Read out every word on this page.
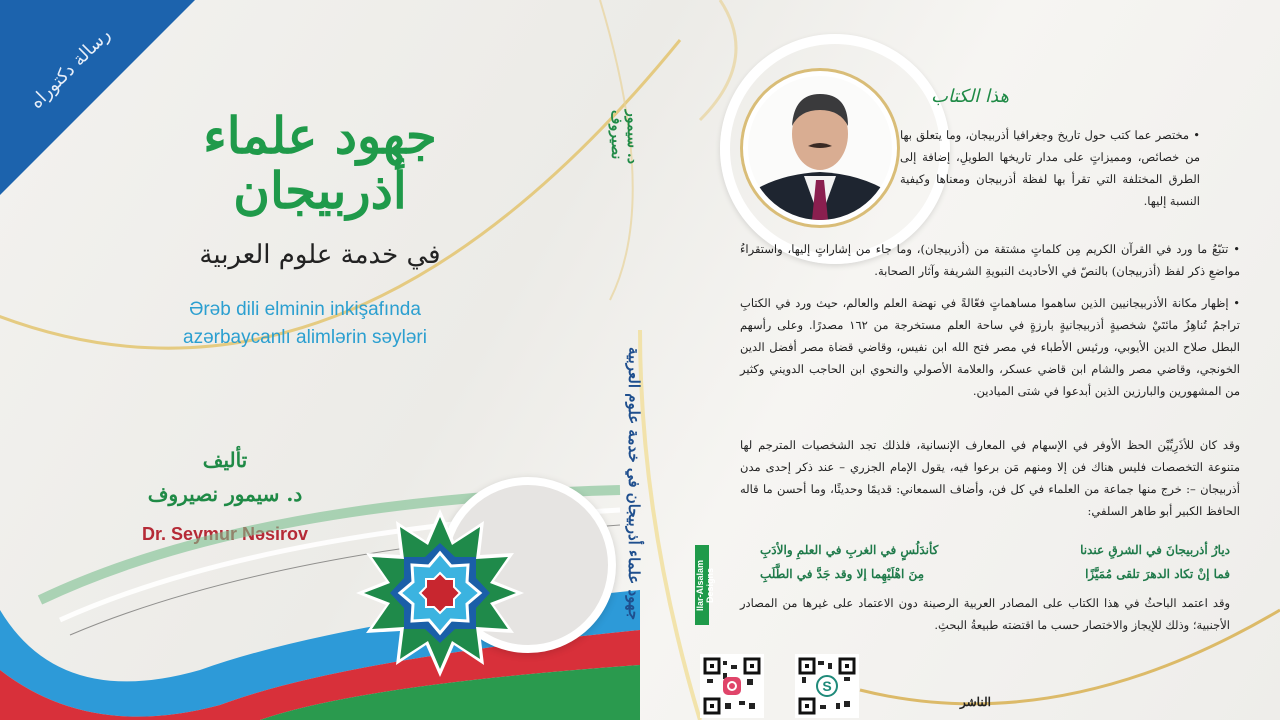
رسالة دكتوراه
جهود علماء أذربيجان
في خدمة علوم العربية
Ərəb dili elminin inkişafında
azərbaycanlı alimlərin səyləri
تأليف
د. سيمور نصيروف
Dr. Seymur Nəsirov
د. سيمور نصيروف
جهود علماء أذربيجان في خدمة علوم العربية	Ilar-Alsalam Designs
هذا الكتاب
• مختصر عما كتب حول تاريخ وجغرافيا أذربيجان، وما يتعلق بها من خصائص، ومميزاتٍ على مدار تاريخها الطويلِ، إضافة إلى الطرق المختلفة التي تقرأ بها لفظة أذربيجان ومعناها وكيفية النسبة إليها.
• تتبّعُ ما ورد في القرآن الكريم مِن كلماتٍ مشتقة من (أذربيجان)، وما جاء من إشاراتٍ إليها، واستقراءُ مواضعِ ذكر لفظ (أذربيجان) بالنصّ في الأحاديث النبويةِ الشريفة وآثار الصحابة.
• إظهار مكانة الأذربيجانيين الذين ساهموا مساهماتٍ فعّالةً في نهضة العلم والعالم، حيث ورد في الكتابِ تراجمُ تُناهِزُ مائتَيْ شخصيةٍ أذربيجانيةٍ بارزةٍ في ساحة العلم مستخرجة من ١٦٢ مصدرًا. وعلى رأسهم البطل صلاح الدين الأيوبي، ورئيس الأطباء في مصر فتح الله ابن نفيس، وقاضي قضاة مصر أفضل الدين الخونجي، وقاضي مصر والشام ابن قاضي عسكر، والعلامة الأصولي والنحوي ابن الحاجب الدويني وكثير من المشهورين والبارزين الذين أبدعوا في شتى الميادين.
وقد كان للأذَرِيِّيْن الحظ الأوفر في الإسهام في المعارف الإنسانية، فلذلك تجد الشخصيات المترجم لها متنوعة التخصصات فليس هناك فن إلا ومنهم مَن برعوا فيه، يقول الإمام الجزري – عند ذكر إحدى مدن أذربيجان –: خرج منها جماعة من العلماء في كل فن، وأضاف السمعاني: قديمًا وحديثًا، وما أحسن ما قاله الحافظ الكبير أبو طاهر السلفي:
ديارُ أذربيجانَ في الشرقِ عندنا
كأندَلُسٍ في الغربِ في العلمِ والأدَبِ
فما إنْ تكاد الدهرَ تلقى مُمَيَّزًا
مِنَ اهْلَيْهِما إلا وقد جَدَّ في الطَّلَبِ
وقد اعتمد الباحثُ في هذا الكتاب على المصادر العربية الرصينة دون الاعتماد على غيرها من المصادر الأجنبية؛ وذلك للإيجاز والاختصار حسب ما اقتضته طبيعةُ البحثِ.
S
الناشر
